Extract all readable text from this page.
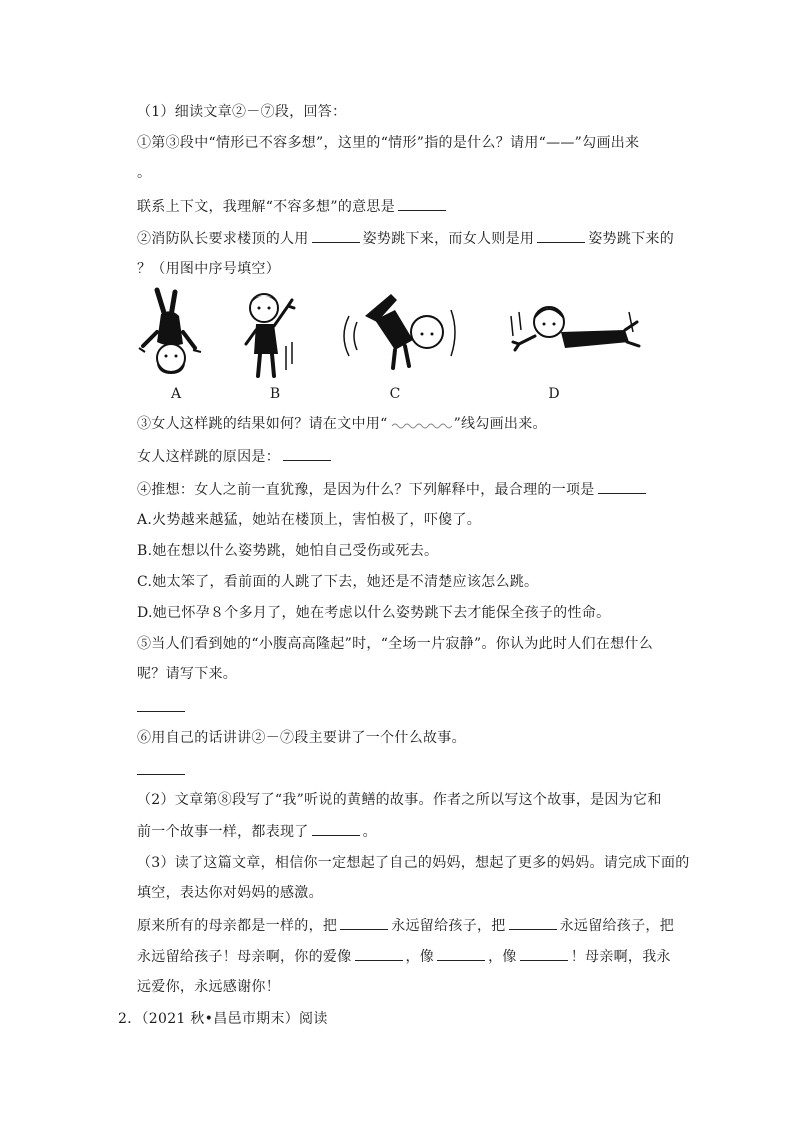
（1）细读文章②－⑦段，回答：
①第③段中“情形已不容多想”，这里的“情形”指的是什么？请用“——”勾画出来
。
联系上下文，我理解“不容多想”的意思是
②消防队长要求楼顶的人用	姿势跳下来，而女人则是用	姿势跳下来的
？（用图中序号填空）
A	B	C	D
③女人这样跳的结果如何？请在文中用“	”线勾画出来。
女人这样跳的原因是：
④推想：女人之前一直犹豫，是因为什么？下列解释中，最合理的一项是
A.火势越来越猛，她站在楼顶上，害怕极了，吓傻了。
B.她在想以什么姿势跳，她怕自己受伤或死去。
C.她太笨了，看前面的人跳了下去，她还是不清楚应该怎么跳。
D.她已怀孕８个多月了，她在考虑以什么姿势跳下去才能保全孩子的性命。
⑤当人们看到她的“小腹高高隆起”时，“全场一片寂静”。你认为此时人们在想什么
呢？请写下来。
⑥用自己的话讲讲②－⑦段主要讲了一个什么故事。
（2）文章第⑧段写了“我”听说的黄鳝的故事。作者之所以写这个故事，是因为它和
前一个故事一样，都表现了	。
（3）读了这篇文章，相信你一定想起了自己的妈妈，想起了更多的妈妈。请完成下面的
填空，表达你对妈妈的感激。
原来所有的母亲都是一样的，把	永远留给孩子，把	永远留给孩子，把
永远留给孩子！母亲啊，你的爱像	，像	，像	！母亲啊，我永
远爱你，永远感谢你！
2．（2021 秋•昌邑市期末）阅读
